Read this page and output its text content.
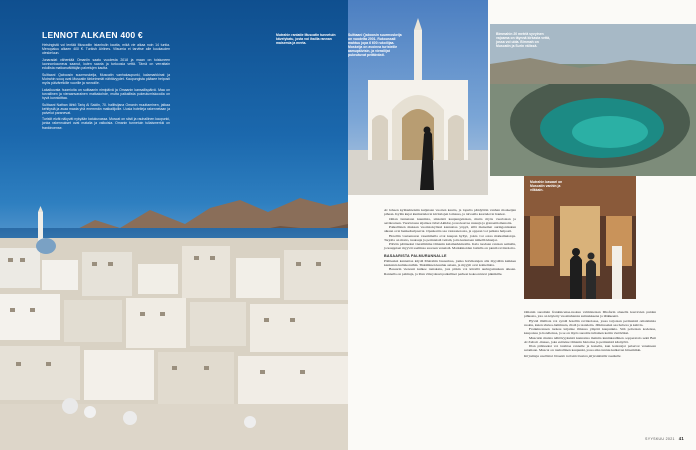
LENNOT ALKAEN 400 €

Helsingistä voi lentää Muscatiin Istanbulin kautta, mikä vie aikaa noin 14 tuntia. Menopaluu alkaen 400 €. Turkish Airlines. Viisumia ei tarvitse alle kuukauden oleskeluun.

Junaradat vähentää Omaniin saatu vuodesta 2018 ja maan on toistuneen luonnonkauneus saanut, kuten saaria ja turkoosia vettä. Tämä on verrattain edullista matkanvälittäjän palvelujen kautta.

Sulttaani Qaboosin suurmoskeija, Muscatin vanhakaupunki, kalamarkkinat ja Mutrahin souq ovat Muscatin tärkeimmät nähtävyydet. Kaupungista pääsee helposti myös päiväretkille vuorille ja rannoille.

Lakaikuvata huomioita on sulttaanin nimipäivä ja Omaanin kansallispäivä. Maa on turvallinen ja vieraanvarainen matkakohde, mutta paikallista pukeutumiskoodia on hyvä kunnioittaa.

Sulttaani Nathan lähtö Tariq Al Saidin, 70. hallitsijana Omanin muuttaminen, jatkaa kehitystä ja avaa maata yhä enemmän matkailijoille. Uusia hotelleja rakennetaan ja palvelut paranevat.

Turistit eivät näkyvät nykyään katukuvassa. Muscat on siisti ja rauhallinen kaupunki, jonka rakennukset ovat matalia ja valkoisia. Omanin tunnetuin tuliaismerkki on frankincense.

Mutrahin rantatie Muscatin tunnetuin kävelykatu, josta voi ihailla rannan maisemia ja merta.
Sulttaani Qaboosin suurmoskeija on vuodelta 2001. Rukoussali mahtuu jopa 6 600 rukoilijaa. Moskeija on avoinna turisteille aamupäivisin, ja vierailijat pukeutuvat peittävästi.
Bimmahin 20 metriä syvyinen vajoama on täynnä kirkasta vettä, jossa voi uida. Bimmah on Muscatin ja Surin välissä.
Mutrahin basaari on Muscatin vanhin ja vilkkain.

Al Jebeen kyläsuhteisiin kuljetaan vuorten kautta, ja lopulta päädytään vanhan moskeijan pihaan. Kylän kujat kiemurtelevat kivitalojen lomassa, ja taivaalla kaartelevat haukat.

Oman tunnetaan kauniista, siisteistä kaupungeistaan, mutta myös vuoristaan ja aavikostaan. Vuoristossa sijaitsee Jebel Akhdar, jossa kasvaa ruusuja ja granaattiomenoita.

Paikallisten mukaan vuoristokylissä kannattaa yöpyä, sillä maisemat auringonlaskun aikaan ovat henkeäsalpaavat. Opaskartta saa vastaanotosta, ja oppaan voi palkata helposti.

Hotellin vastaanoton vasemmalla ovat kaupan hyllyt, joista voi ostaa matkamuistoja. Tarjolla on matto, tuoksuja ja perinteisiä veitsiä, joita kutsutaan nimellä khanjar.

Päivän päätteeksi vierailimme Omanin kalamarkkinoilla. Kala tuodaan rantaan aamulla, ja kauppiaat myyvät saaliinsa suoraan veneistä. Markkinoiden laidalla on pieniä ravintoloita.

BASAARISTA PALMURANNALLE

Päätteeksi kannattaa käydä Mutrahin basaarissa, jonka holvikatujen alla myydään kaikkea kankaista kultakoruihin. Tinkiminen kuuluu asiaan, ja myyjät ovat kohteliaita.

Basaarin vieressä kulkee rantakatu, jota pitkin voi kävellä auringonlaskun aikaan. Rannalla on palmuja, ja illan viileydessä paikalliset perheet kokoontuvat piknikille.

Omanin suosituin frankincense-tuoksu valmistetaan Dhofarin alueella kasvavien puiden pihkasta, jota on käytetty vuosituhansia suitsukkeena ja lääkkeenä.

Hyvää illallista voi syödä hotellin ravintolassa, jossa tarjotaan perinteisiä omanilaisia ruokia, kuten shuwa-lammasta, riisiä ja taateleita. Jälkiruoaksi saa halwaa ja kahvia.

Frankincensen tuoksu leijailee ilmassa ympäri kaupunkia. Sitä poltetaan kodeissa, kaupoissa ja hotelleissa, ja se on myös suosittu tuliainen kotiin vietäväksi.

Muscatin muista nähtävyyksistä kannattaa mainita kuninkaallinen oopperatalo sekä Bait Al Zubair -museo, joka esittelee Omanin historiaa ja perinteistä käsityötä.

Illan päätteeksi voi istahtaa rannalle ja katsella, kun kalastajat palaavat veneineen satamaan. Muscat on rauhallinen kaupunki, jossa aika tuntuu kulkevan hitaammin.

Kirjoittaja osallistui Omanin turismiviraston järjestämälle matkalle.

SYYSKUU 2021 41
